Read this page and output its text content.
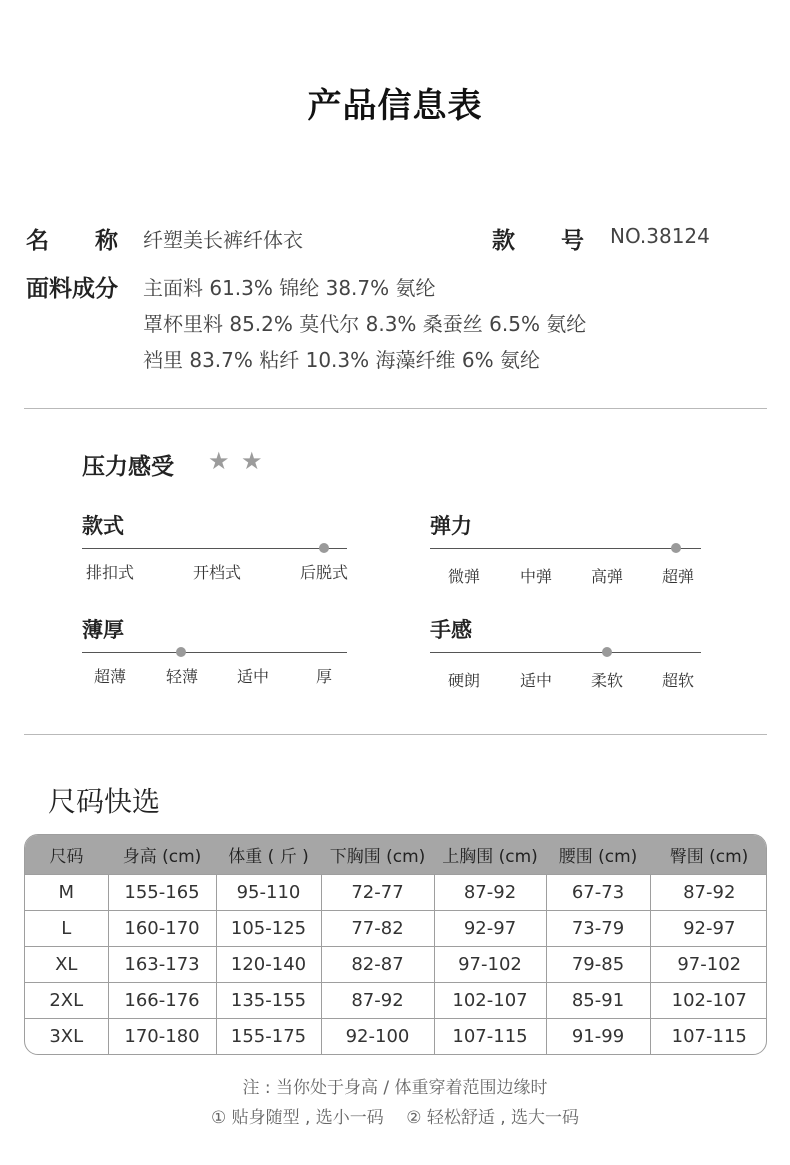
产品信息表
名　　称 纤塑美长裤纤体衣	款　　号 NO.38124
面料成分 主面料 61.3% 锦纶 38.7% 氨纶
罩杯里料 85.2% 莫代尔 8.3% 桑蚕丝 6.5% 氨纶
裆里 83.7% 粘纤 10.3% 海藻纤维 6% 氨纶
压力感受 ★ ★
款式
排扣式	开档式	后脱式
弹力
微弹	中弹	高弹	超弹
薄厚
超薄	轻薄	适中	厚
手感
硬朗	适中	柔软	超软
尺码快选
尺码	身高 (cm)	体重 ( 斤 )	下胸围 (cm)	上胸围 (cm)	腰围 (cm)	臀围 (cm)
M	155-165	95-110	72-77	87-92	67-73	87-92
L	160-170	105-125	77-82	92-97	73-79	92-97
XL	163-173	120-140	82-87	97-102	79-85	97-102
2XL	166-176	135-155	87-92	102-107	85-91	102-107
3XL	170-180	155-175	92-100	107-115	91-99	107-115
注 : 当你处于身高 / 体重穿着范围边缘时
① 贴身随型 , 选小一码 　② 轻松舒适 , 选大一码
